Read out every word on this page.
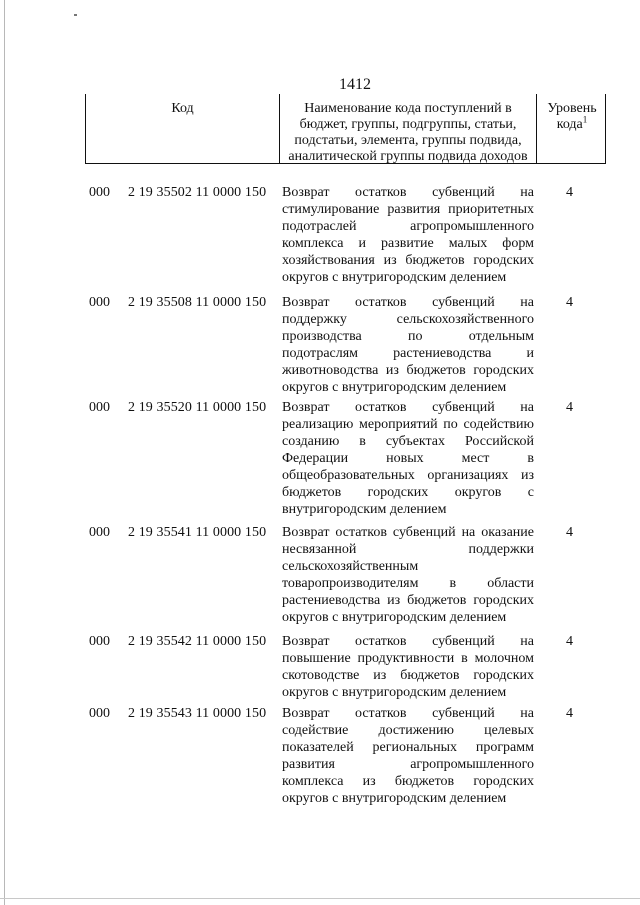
1412
Код	Наименование кода поступлений в
бюджет, группы, подгруппы, статьи,
подстатьи, элемента, группы подвида,
аналитической группы подвида доходов
Уровень
кода$^1$
000 2 19 35502 11 0000 150 Возврат остатков субвенций на
стимулирование развития приоритетных
подотраслей агропромышленного
комплекса и развитие малых форм
хозяйствования из бюджетов городских
округов с внутригородским делением
4
000 2 19 35508 11 0000 150 Возврат остатков субвенций на
поддержку сельскохозяйственного
производства по отдельным
подотраслям растениеводства и
животноводства из бюджетов городских
округов с внутригородским делением
4
000 2 19 35520 11 0000 150 Возврат остатков субвенций на
реализацию мероприятий по содействию
созданию в субъектах Российской
Федерации новых мест в
общеобразовательных организациях из
бюджетов городских округов с
внутригородским делением
4
000 2 19 35541 11 0000 150 Возврат остатков субвенций на оказание
несвязанной поддержки
сельскохозяйственным
товаропроизводителям в области
растениеводства из бюджетов городских
округов с внутригородским делением
4
000 2 19 35542 11 0000 150 Возврат остатков субвенций на
повышение продуктивности в молочном
скотоводстве из бюджетов городских
округов с внутригородским делением
4
000 2 19 35543 11 0000 150 Возврат остатков субвенций на
содействие достижению целевых
показателей региональных программ
развития агропромышленного
комплекса из бюджетов городских
округов с внутригородским делением
4
